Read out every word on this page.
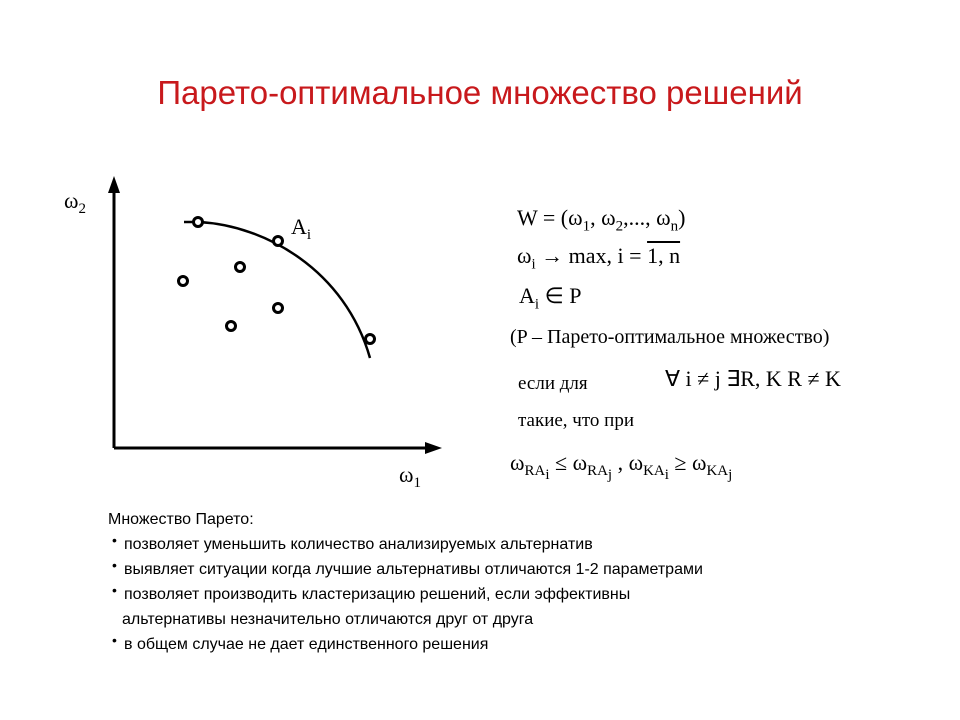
Парето-оптимальное множество решений
$\omega_2$
$\omega_1$
$A_i$
$W = (\omega_1$, $\omega_2$,..., $\omega_n$)
$\omega_i \to \max$, i = 1, n
$A_i$ ∈ P
(P – Парето-оптимальное множество)
если для	∀ i ≠ j ∃R, K R ≠ K
такие, что при
$\omega_{RA_i} \le \omega_{RA_j}$ , $\omega_{KA_i} \ge \omega_{KA_j}$
Множество Парето:
• позволяет уменьшить количество анализируемых альтернатив
• выявляет ситуации когда лучшие альтернативы отличаются 1-2 параметрами
• позволяет производить кластеризацию решений, если эффективны
альтернативы незначительно отличаются друг от друга
• в общем случае не дает единственного решения
